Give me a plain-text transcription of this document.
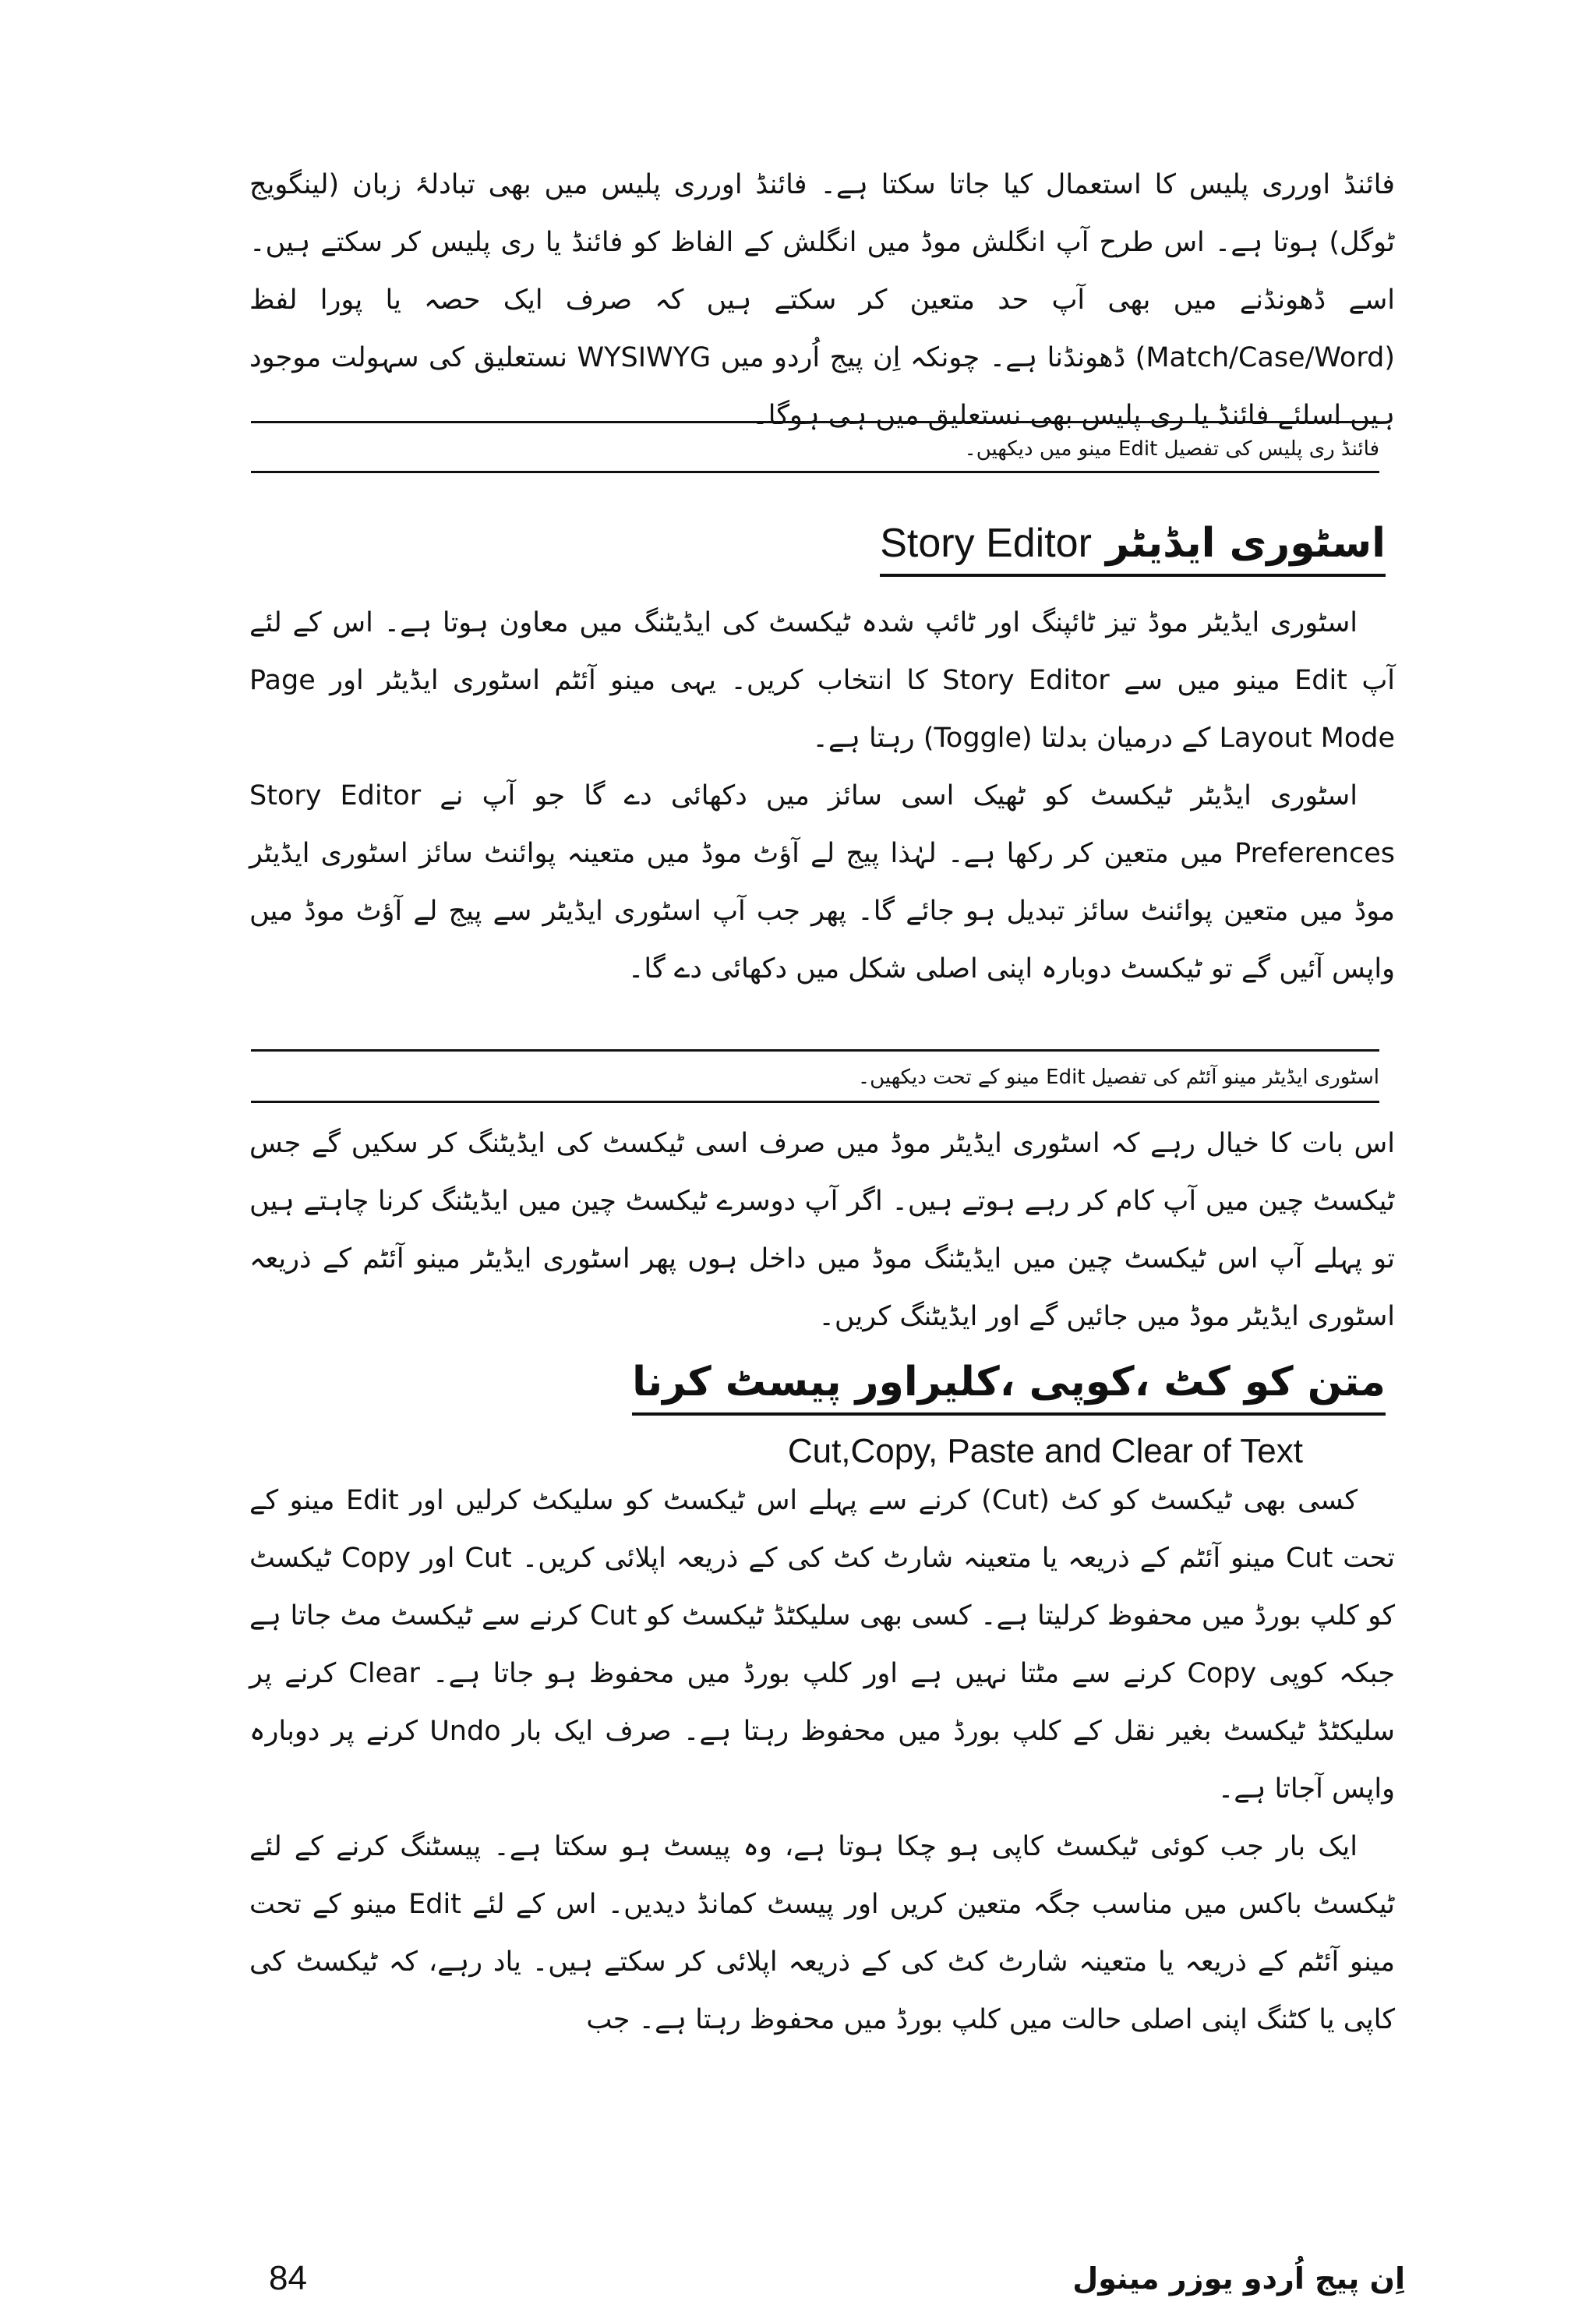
فائنڈ اورری پلیس کا استعمال کیا جاتا سکتا ہے۔ فائنڈ اورری پلیس میں بھی تبادلۂ زبان (لینگویج ٹوگل) ہوتا ہے۔ اس طرح آپ انگلش موڈ میں انگلش کے الفاظ کو فائنڈ یا ری پلیس کر سکتے ہیں۔ اسے ڈھونڈنے میں بھی آپ حد متعین کر سکتے ہیں کہ صرف ایک حصہ یا پورا لفظ (Match/Case/Word) ڈھونڈنا ہے۔ چونکہ اِن پیج اُردو میں WYSIWYG نستعلیق کی سہولت موجود ہیں اسلئے فائنڈ یا ری پلیس بھی نستعلیق میں ہی ہوگا۔

فائنڈ ری پلیس کی تفصیل Edit مینو میں دیکھیں۔
اسٹوری ایڈیٹر Story Editor

اسٹوری ایڈیٹر موڈ تیز ٹائپنگ اور ٹائپ شدہ ٹیکسٹ کی ایڈیٹنگ میں معاون ہوتا ہے۔ اس کے لئے آپ Edit مینو میں سے Story Editor کا انتخاب کریں۔ یہی مینو آئٹم اسٹوری ایڈیٹر اور Page Layout Mode کے درمیان بدلتا (Toggle) رہتا ہے۔

اسٹوری ایڈیٹر ٹیکسٹ کو ٹھیک اسی سائز میں دکھائی دے گا جو آپ نے Story Editor Preferences میں متعین کر رکھا ہے۔ لہٰذا پیج لے آؤٹ موڈ میں متعینہ پوائنٹ سائز اسٹوری ایڈیٹر موڈ میں متعین پوائنٹ سائز تبدیل ہو جائے گا۔ پھر جب آپ اسٹوری ایڈیٹر سے پیج لے آؤٹ موڈ میں واپس آئیں گے تو ٹیکسٹ دوبارہ اپنی اصلی شکل میں دکھائی دے گا۔

اسٹوری ایڈیٹر مینو آئٹم کی تفصیل Edit مینو کے تحت دیکھیں۔

اس بات کا خیال رہے کہ اسٹوری ایڈیٹر موڈ میں صرف اسی ٹیکسٹ کی ایڈیٹنگ کر سکیں گے جس ٹیکسٹ چین میں آپ کام کر رہے ہوتے ہیں۔ اگر آپ دوسرے ٹیکسٹ چین میں ایڈیٹنگ کرنا چاہتے ہیں تو پہلے آپ اس ٹیکسٹ چین میں ایڈیٹنگ موڈ میں داخل ہوں پھر اسٹوری ایڈیٹر مینو آئٹم کے ذریعہ اسٹوری ایڈیٹر موڈ میں جائیں گے اور ایڈیٹنگ کریں۔

متن کو کٹ ،کوپی ،کلیراور پیسٹ کرنا
Cut,Copy, Paste and Clear of Text

کسی بھی ٹیکسٹ کو کٹ (Cut) کرنے سے پہلے اس ٹیکسٹ کو سلیکٹ کرلیں اور Edit مینو کے تحت Cut مینو آئٹم کے ذریعہ یا متعینہ شارٹ کٹ کی کے ذریعہ اپلائی کریں۔ Cut اور Copy ٹیکسٹ کو کلپ بورڈ میں محفوظ کرلیتا ہے۔ کسی بھی سلیکٹڈ ٹیکسٹ کو Cut کرنے سے ٹیکسٹ مٹ جاتا ہے جبکہ کوپی Copy کرنے سے مٹتا نہیں ہے اور کلپ بورڈ میں محفوظ ہو جاتا ہے۔ Clear کرنے پر سلیکٹڈ ٹیکسٹ بغیر نقل کے کلپ بورڈ میں محفوظ رہتا ہے۔ صرف ایک بار Undo کرنے پر دوبارہ واپس آجاتا ہے۔

ایک بار جب کوئی ٹیکسٹ کاپی ہو چکا ہوتا ہے، وہ پیسٹ ہو سکتا ہے۔ پیسٹنگ کرنے کے لئے ٹیکسٹ باکس میں مناسب جگہ متعین کریں اور پیسٹ کمانڈ دیدیں۔ اس کے لئے Edit مینو کے تحت مینو آئٹم کے ذریعہ یا متعینہ شارٹ کٹ کی کے ذریعہ اپلائی کر سکتے ہیں۔ یاد رہے، کہ ٹیکسٹ کی کاپی یا کٹنگ اپنی اصلی حالت میں کلپ بورڈ میں محفوظ رہتا ہے۔ جب

84	اِن پیج اُردو یوزر مینول
